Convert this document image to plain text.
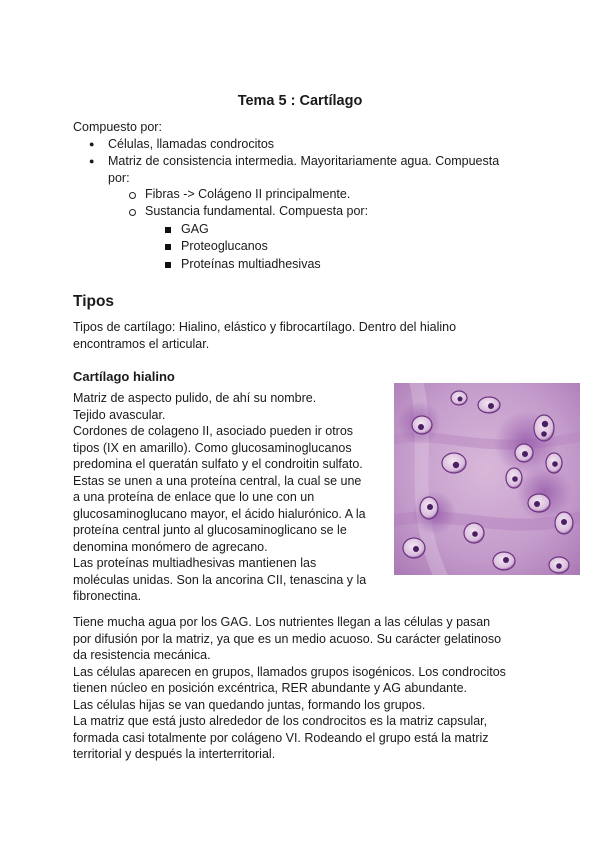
Tema 5 : Cartílago
Compuesto por:
● Células, llamadas condrocitos
● Matriz de consistencia intermedia. Mayoritariamente agua. Compuesta
por:
Fibras -> Colágeno II principalmente.
Sustancia fundamental. Compuesta por:
GAG
Proteoglucanos
Proteínas multiadhesivas
Tipos
Tipos de cartílago: Hialino, elástico y fibrocartílago. Dentro del hialino
encontramos el articular.
Cartílago hialino
Matriz de aspecto pulido, de ahí su nombre.
Tejido avascular.
Cordones de colageno II, asociado pueden ir otros
tipos (IX en amarillo). Como glucosaminoglucanos
predomina el queratán sulfato y el condroitin sulfato.
Estas se unen a una proteína central, la cual se une
a una proteína de enlace que lo une con un
glucosaminoglucano mayor, el ácido hialurónico. A la
proteína central junto al glucosaminoglicano se le
denomina monómero de agrecano.
Las proteínas multiadhesivas mantienen las
moléculas unidas. Son la ancorina CII, tenascina y la
fibronectina.
Tiene mucha agua por los GAG. Los nutrientes llegan a las células y pasan
por difusión por la matriz, ya que es un medio acuoso. Su carácter gelatinoso
da resistencia mecánica.
Las células aparecen en grupos, llamados grupos isogénicos. Los condrocitos
tienen núcleo en posición excéntrica, RER abundante y AG abundante.
Las células hijas se van quedando juntas, formando los grupos.
La matriz que está justo alrededor de los condrocitos es la matriz capsular,
formada casi totalmente por colágeno VI. Rodeando el grupo está la matriz
territorial y después la interterritorial.
